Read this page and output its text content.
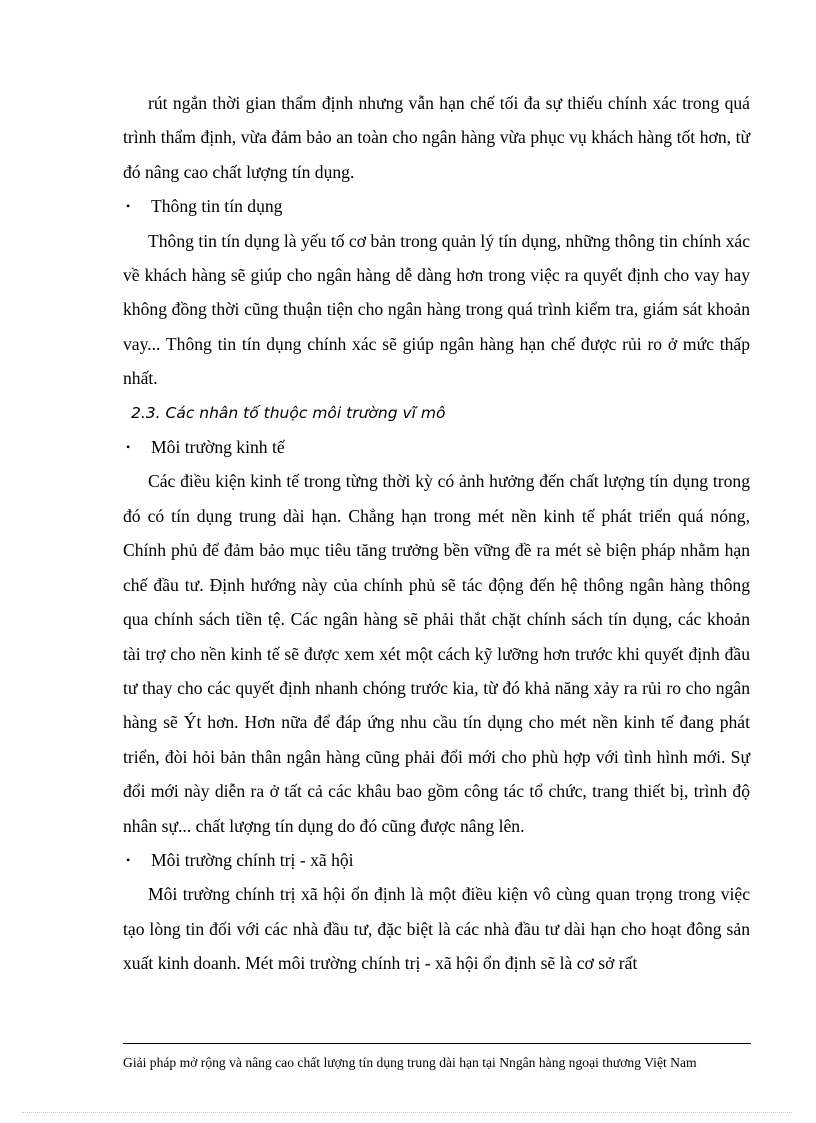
rút ngắn thời gian thẩm định nhưng vẫn hạn chế tối đa sự thiếu chính xác trong quá trình thẩm định, vừa đảm bảo an toàn cho ngân hàng vừa phục vụ khách hàng tốt hơn, từ đó nâng cao chất lượng tín dụng.

•	Thông tin tín dụng

Thông tin tín dụng là yếu tố cơ bản trong quản lý tín dụng, những thông tin chính xác về khách hàng sẽ giúp cho ngân hàng dễ dàng hơn trong việc ra quyết định cho vay hay không đồng thời cũng thuận tiện cho ngân hàng trong quá trình kiểm tra, giám sát khoản vay... Thông tin tín dụng chính xác sẽ giúp ngân hàng hạn chế được rủi ro ở mức thấp nhất.

2.3. Các nhân tố thuộc môi trường vĩ mô

•	Môi trường kinh tế

Các điều kiện kinh tế trong từng thời kỳ có ảnh hưởng đến chất lượng tín dụng trong đó có tín dụng trung dài hạn. Chẳng hạn trong mét nền kinh tế phát triển quá nóng, Chính phủ để đảm bảo mục tiêu tăng trưởng bền vững đề ra mét sè biện pháp nhằm hạn chế đầu tư. Định hướng này của chính phủ sẽ tác động đến hệ thông ngân hàng thông qua chính sách tiền tệ. Các ngân hàng sẽ phải thắt chặt chính sách tín dụng, các khoản tài trợ cho nền kinh tế sẽ được xem xét một cách kỹ lưỡng hơn trước khi quyết định đầu tư thay cho các quyết định nhanh chóng trước kia, từ đó khả năng xảy ra rủi ro cho ngân hàng sẽ Ýt hơn. Hơn nữa để đáp ứng nhu cầu tín dụng cho mét nền kinh tế đang phát triển, đòi hỏi bản thân ngân hàng cũng phải đổi mới cho phù hợp với tình hình mới. Sự đổi mới này diễn ra ở tất cả các khâu bao gồm công tác tổ chức, trang thiết bị, trình độ nhân sự... chất lượng tín dụng do đó cũng được nâng lên.

•	Môi trường chính trị - xã hội

Môi trường chính trị xã hội ổn định là một điều kiện vô cùng quan trọng trong việc tạo lòng tin đối với các nhà đầu tư, đặc biệt là các nhà đầu tư dài hạn cho hoạt đông sản xuất kinh doanh. Mét môi trường chính trị - xã hội ổn định sẽ là cơ sở rất

Giải pháp mở rộng và nâng cao chất lượng tín dụng trung dài hạn tại Nngân hàng ngoại thương Việt Nam
